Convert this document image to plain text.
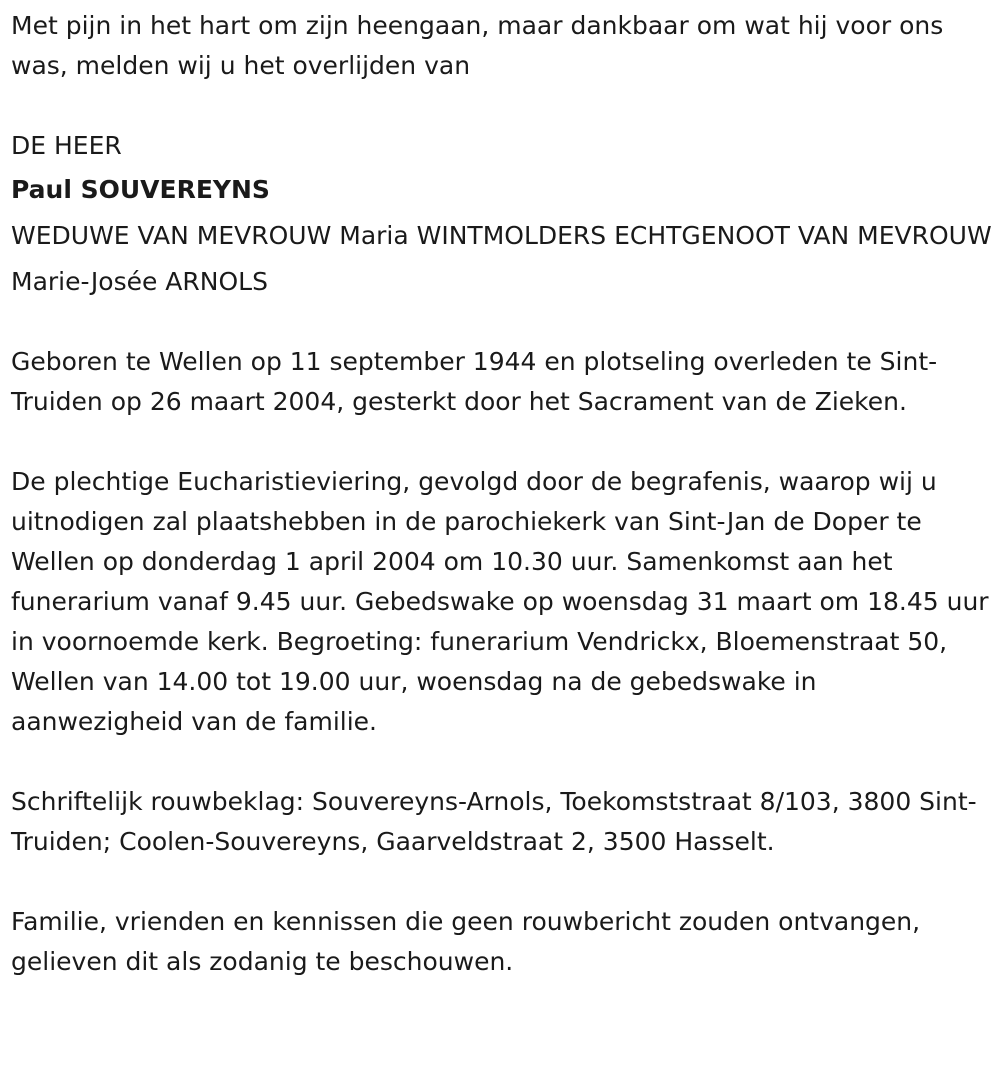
Met pijn in het hart om zijn heengaan, maar dankbaar om wat hij voor ons was, melden wij u het overlijden van

DE HEER

Paul SOUVEREYNS

WEDUWE VAN MEVROUW Maria WINTMOLDERS ECHTGENOOT VAN MEVROUW

Marie-Josée ARNOLS

Geboren te Wellen op 11 september 1944 en plotseling overleden te Sint-Truiden op 26 maart 2004, gesterkt door het Sacrament van de Zieken.

De plechtige Eucharistieviering, gevolgd door de begrafenis, waarop wij u uitnodigen zal plaatshebben in de parochiekerk van Sint-Jan de Doper te Wellen op donderdag 1 april 2004 om 10.30 uur. Samenkomst aan het funerarium vanaf 9.45 uur. Gebedswake op woensdag 31 maart om 18.45 uur in voornoemde kerk. Begroeting: funerarium Vendrickx, Bloemenstraat 50, Wellen van 14.00 tot 19.00 uur, woensdag na de gebedswake in aanwezigheid van de familie.

Schriftelijk rouwbeklag: Souvereyns-Arnols, Toekomststraat 8/103, 3800 Sint-Truiden; Coolen-Souvereyns, Gaarveldstraat 2, 3500 Hasselt.

Familie, vrienden en kennissen die geen rouwbericht zouden ontvangen, gelieven dit als zodanig te beschouwen.
